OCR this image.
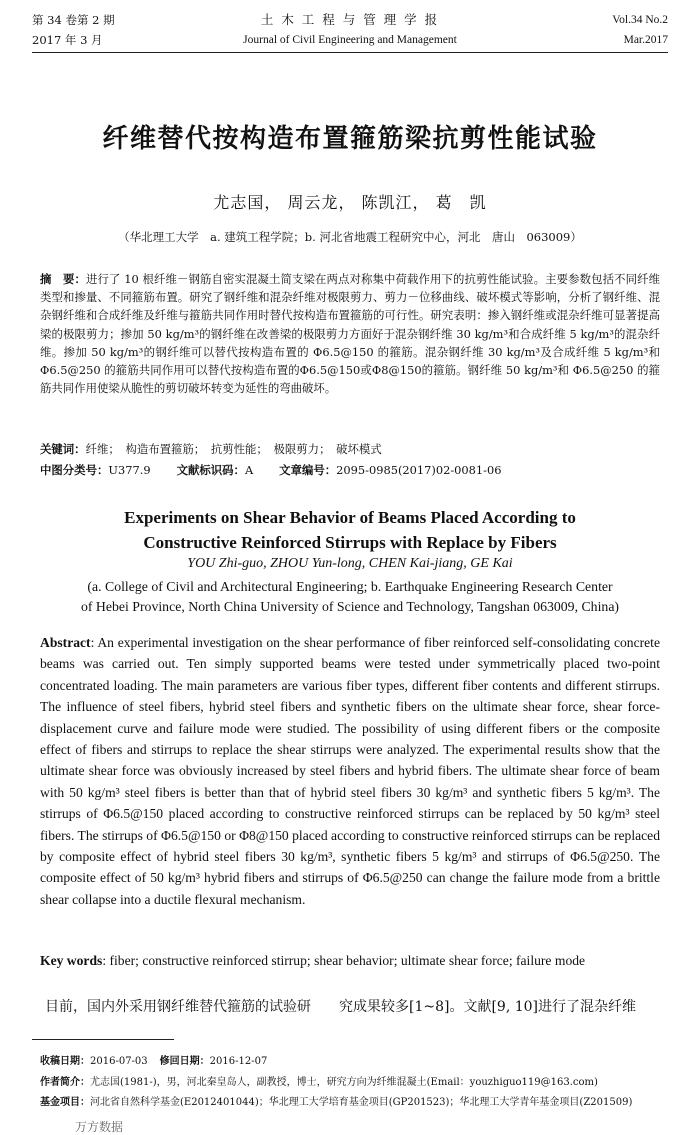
第 34 卷第 2 期
2017 年 3 月
土 木 工 程 与 管 理 学 报
Journal of Civil Engineering and Management
Vol.34 No.2
Mar.2017
纤维替代按构造布置箍筋梁抗剪性能试验
尤志国， 周云龙， 陈凯江， 葛　凯
（华北理工大学　a. 建筑工程学院；b. 河北省地震工程研究中心，河北　唐山　063009）
摘　要：进行了 10 根纤维－钢筋自密实混凝土简支梁在两点对称集中荷载作用下的抗剪性能试验。主要参数包括不同纤维类型和掺量、不同箍筋布置。研究了钢纤维和混杂纤维对极限剪力、剪力－位移曲线、破坏模式等影响，分析了钢纤维、混杂钢纤维和合成纤维及纤维与箍筋共同作用时替代按构造布置箍筋的可行性。研究表明：掺入钢纤维或混杂纤维可显著提高梁的极限剪力；掺加 50 kg/m³的钢纤维在改善梁的极限剪力方面好于混杂钢纤维 30 kg/m³和合成纤维 5 kg/m³的混杂纤维。掺加 50 kg/m³的钢纤维可以替代按构造布置的 Φ6.5@150 的箍筋。混杂钢纤维 30 kg/m³及合成纤维 5 kg/m³和 Φ6.5@250 的箍筋共同作用可以替代按构造布置的Φ6.5@150或Φ8@150的箍筋。钢纤维 50 kg/m³和 Φ6.5@250 的箍筋共同作用使梁从脆性的剪切破坏转变为延性的弯曲破坏。
关键词：纤维；　构造布置箍筋；　抗剪性能；　极限剪力；　破坏模式
中图分类号：U377.9 文献标识码：A 文章编号：2095-0985(2017)02-0081-06
Experiments on Shear Behavior of Beams Placed According to
Constructive Reinforced Stirrups with Replace by Fibers
YOU Zhi-guo, ZHOU Yun-long, CHEN Kai-jiang, GE Kai
(a. College of Civil and Architectural Engineering; b. Earthquake Engineering Research Center
of Hebei Province, North China University of Science and Technology, Tangshan 063009, China)
Abstract: An experimental investigation on the shear performance of fiber reinforced self-consolidating concrete beams was carried out. Ten simply supported beams were tested under symmetrically placed two-point concentrated loading. The main parameters are various fiber types, different fiber contents and different stirrups. The influence of steel fibers, hybrid steel fibers and synthetic fibers on the ultimate shear force, shear force-displacement curve and failure mode were studied. The possibility of using different fibers or the composite effect of fibers and stirrups to replace the shear stirrups were analyzed. The experimental results show that the ultimate shear force was obviously increased by steel fibers and hybrid fibers. The ultimate shear force of beam with 50 kg/m³ steel fibers is better than that of hybrid steel fibers 30 kg/m³ and synthetic fibers 5 kg/m³. The stirrups of Φ6.5@150 placed according to constructive reinforced stirrups can be replaced by 50 kg/m³ steel fibers. The stirrups of Φ6.5@150 or Φ8@150 placed according to constructive reinforced stirrups can be replaced by composite effect of hybrid steel fibers 30 kg/m³, synthetic fibers 5 kg/m³ and stirrups of Φ6.5@250. The composite effect of 50 kg/m³ hybrid fibers and stirrups of Φ6.5@250 can change the failure mode from a brittle shear collapse into a ductile flexural mechanism.
Key words: fiber; constructive reinforced stirrup; shear behavior; ultimate shear force; failure mode
目前，国内外采用钢纤维替代箍筋的试验研　　究成果较多[1~8]。文献[9, 10]进行了混杂纤维
收稿日期：2016-07-03 修回日期：2016-12-07
作者简介：尤志国(1981-)，男，河北秦皇岛人，副教授，博士，研究方向为纤维混凝土(Email：youzhiguo119@163.com)
基金项目：河北省自然科学基金(E2012401044)；华北理工大学培育基金项目(GP201523)；华北理工大学青年基金项目(Z201509)
万方数据
